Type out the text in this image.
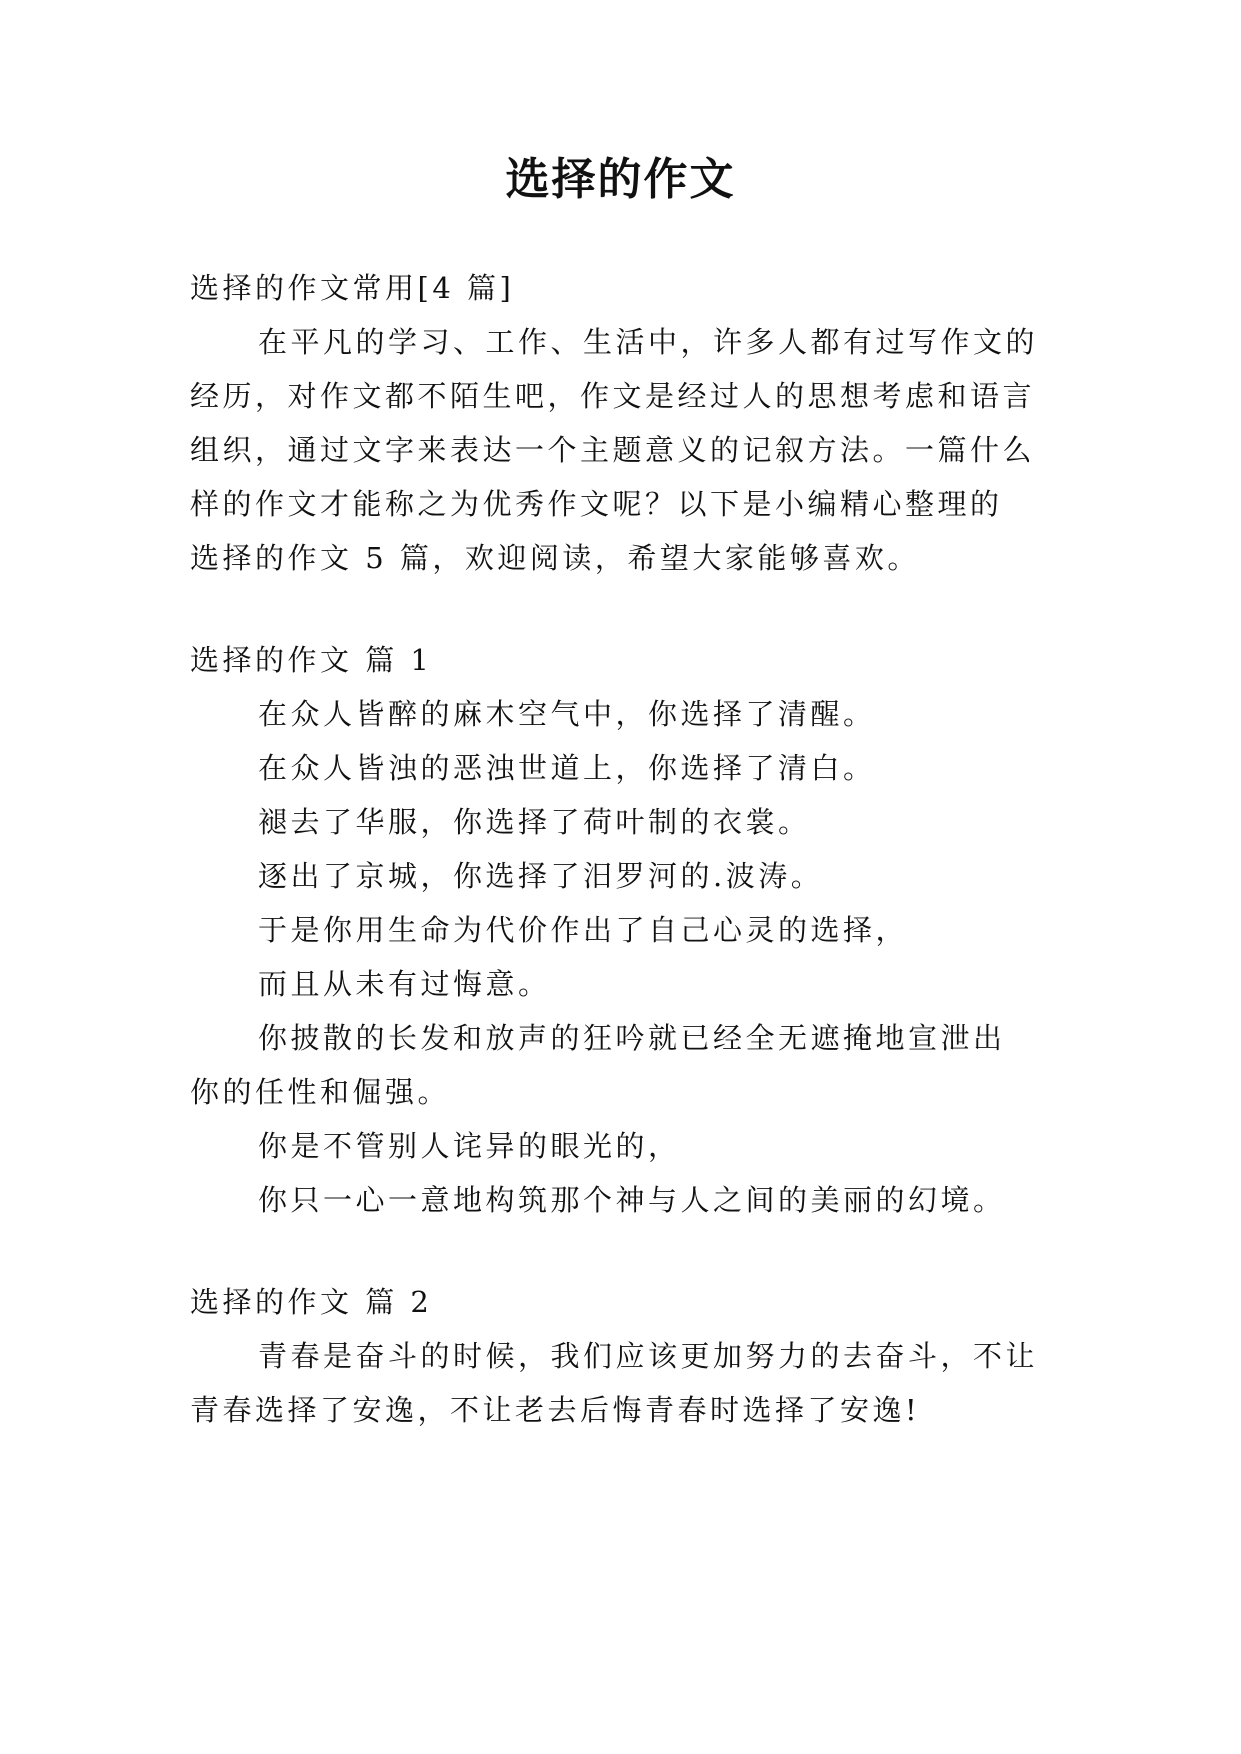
选择的作文
选择的作文常用[4 篇]
在平凡的学习、工作、生活中，许多人都有过写作文的
经历，对作文都不陌生吧，作文是经过人的思想考虑和语言
组织，通过文字来表达一个主题意义的记叙方法。一篇什么
样的作文才能称之为优秀作文呢？以下是小编精心整理的
选择的作文 5 篇，欢迎阅读，希望大家能够喜欢。
选择的作文 篇 1
在众人皆醉的麻木空气中，你选择了清醒。
在众人皆浊的恶浊世道上，你选择了清白。
褪去了华服，你选择了荷叶制的衣裳。
逐出了京城，你选择了汨罗河的.波涛。
于是你用生命为代价作出了自己心灵的选择，
而且从未有过悔意。
你披散的长发和放声的狂吟就已经全无遮掩地宣泄出
你的任性和倔强。
你是不管别人诧异的眼光的，
你只一心一意地构筑那个神与人之间的美丽的幻境。
选择的作文 篇 2
青春是奋斗的时候，我们应该更加努力的去奋斗，不让
青春选择了安逸，不让老去后悔青春时选择了安逸!
